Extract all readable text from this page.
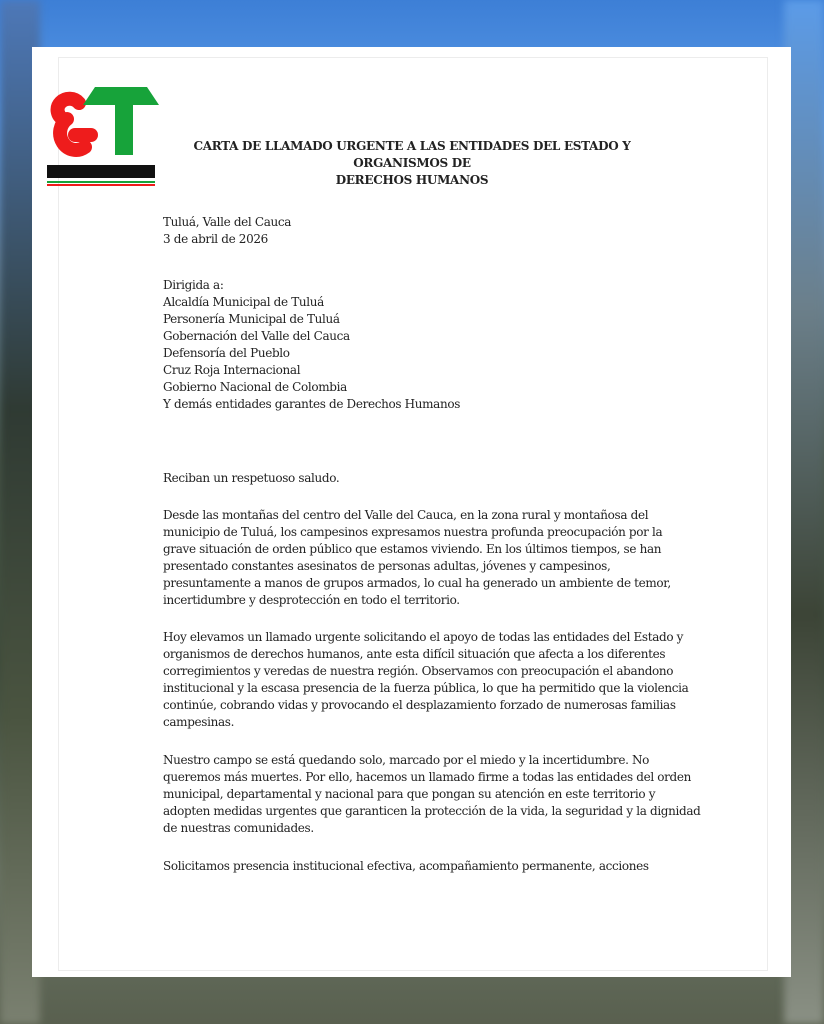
CARTA DE LLAMADO URGENTE A LAS ENTIDADES DEL ESTADO Y ORGANISMOS DE
DERECHOS HUMANOS
Tuluá, Valle del Cauca
3 de abril de 2026
Dirigida a:
Alcaldía Municipal de Tuluá
Personería Municipal de Tuluá
Gobernación del Valle del Cauca
Defensoría del Pueblo
Cruz Roja Internacional
Gobierno Nacional de Colombia
Y demás entidades garantes de Derechos Humanos
Reciban un respetuoso saludo.
Desde las montañas del centro del Valle del Cauca, en la zona rural y montañosa del
municipio de Tuluá, los campesinos expresamos nuestra profunda preocupación por la
grave situación de orden público que estamos viviendo. En los últimos tiempos, se han
presentado constantes asesinatos de personas adultas, jóvenes y campesinos,
presuntamente a manos de grupos armados, lo cual ha generado un ambiente de temor,
incertidumbre y desprotección en todo el territorio.
Hoy elevamos un llamado urgente solicitando el apoyo de todas las entidades del Estado y
organismos de derechos humanos, ante esta difícil situación que afecta a los diferentes
corregimientos y veredas de nuestra región. Observamos con preocupación el abandono
institucional y la escasa presencia de la fuerza pública, lo que ha permitido que la violencia
continúe, cobrando vidas y provocando el desplazamiento forzado de numerosas familias
campesinas.
Nuestro campo se está quedando solo, marcado por el miedo y la incertidumbre. No
queremos más muertes. Por ello, hacemos un llamado firme a todas las entidades del orden
municipal, departamental y nacional para que pongan su atención en este territorio y
adopten medidas urgentes que garanticen la protección de la vida, la seguridad y la dignidad
de nuestras comunidades.
Solicitamos presencia institucional efectiva, acompañamiento permanente, acciones
